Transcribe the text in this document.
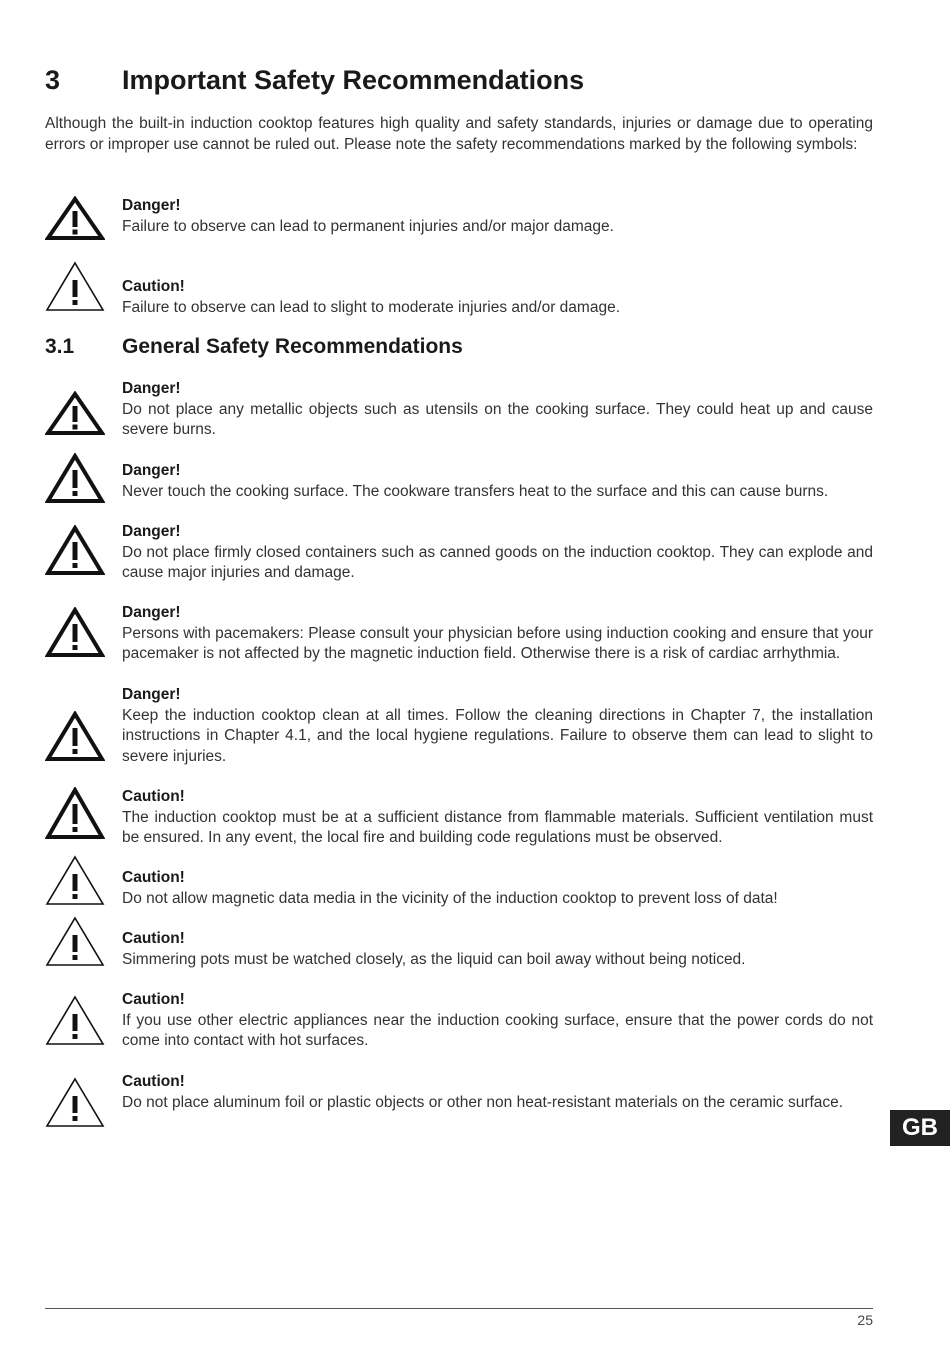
3 Important Safety Recommendations
Although the built-in induction cooktop features high quality and safety standards, injuries or damage due to operating errors or improper use cannot be ruled out. Please note the safety recommendations marked by the following symbols:
Danger!
Failure to observe can lead to permanent injuries and/or major damage.
Caution!
Failure to observe can lead to slight to moderate injuries and/or damage.
3.1 General Safety Recommendations
Danger!
Do not place any metallic objects such as utensils on the cooking surface. They could heat up and cause severe burns.
Danger!
Never touch the cooking surface. The cookware transfers heat to the surface and this can cause burns.
Danger!
Do not place firmly closed containers such as canned goods on the induction cooktop. They can explode and cause major injuries and damage.
Danger!
Persons with pacemakers: Please consult your physician before using induction cooking and ensure that your pacemaker is not affected by the magnetic induction field. Otherwise there is a risk of cardiac arrhythmia.
Danger!
Keep the induction cooktop clean at all times. Follow the cleaning directions in Chapter 7, the installation instructions in Chapter 4.1, and the local hygiene regulations. Failure to observe them can lead to slight to severe injuries.
Caution!
The induction cooktop must be at a sufficient distance from flammable materials. Sufficient ventilation must be ensured. In any event, the local fire and building code regulations must be observed.
Caution!
Do not allow magnetic data media in the vicinity of the induction cooktop to prevent loss of data!
Caution!
Simmering pots must be watched closely, as the liquid can boil away without being noticed.
Caution!
If you use other electric appliances near the induction cooking surface, ensure that the power cords do not come into contact with hot surfaces.
Caution!
Do not place aluminum foil or plastic objects or other non heat-resistant materials on the ceramic surface.
GB
25
